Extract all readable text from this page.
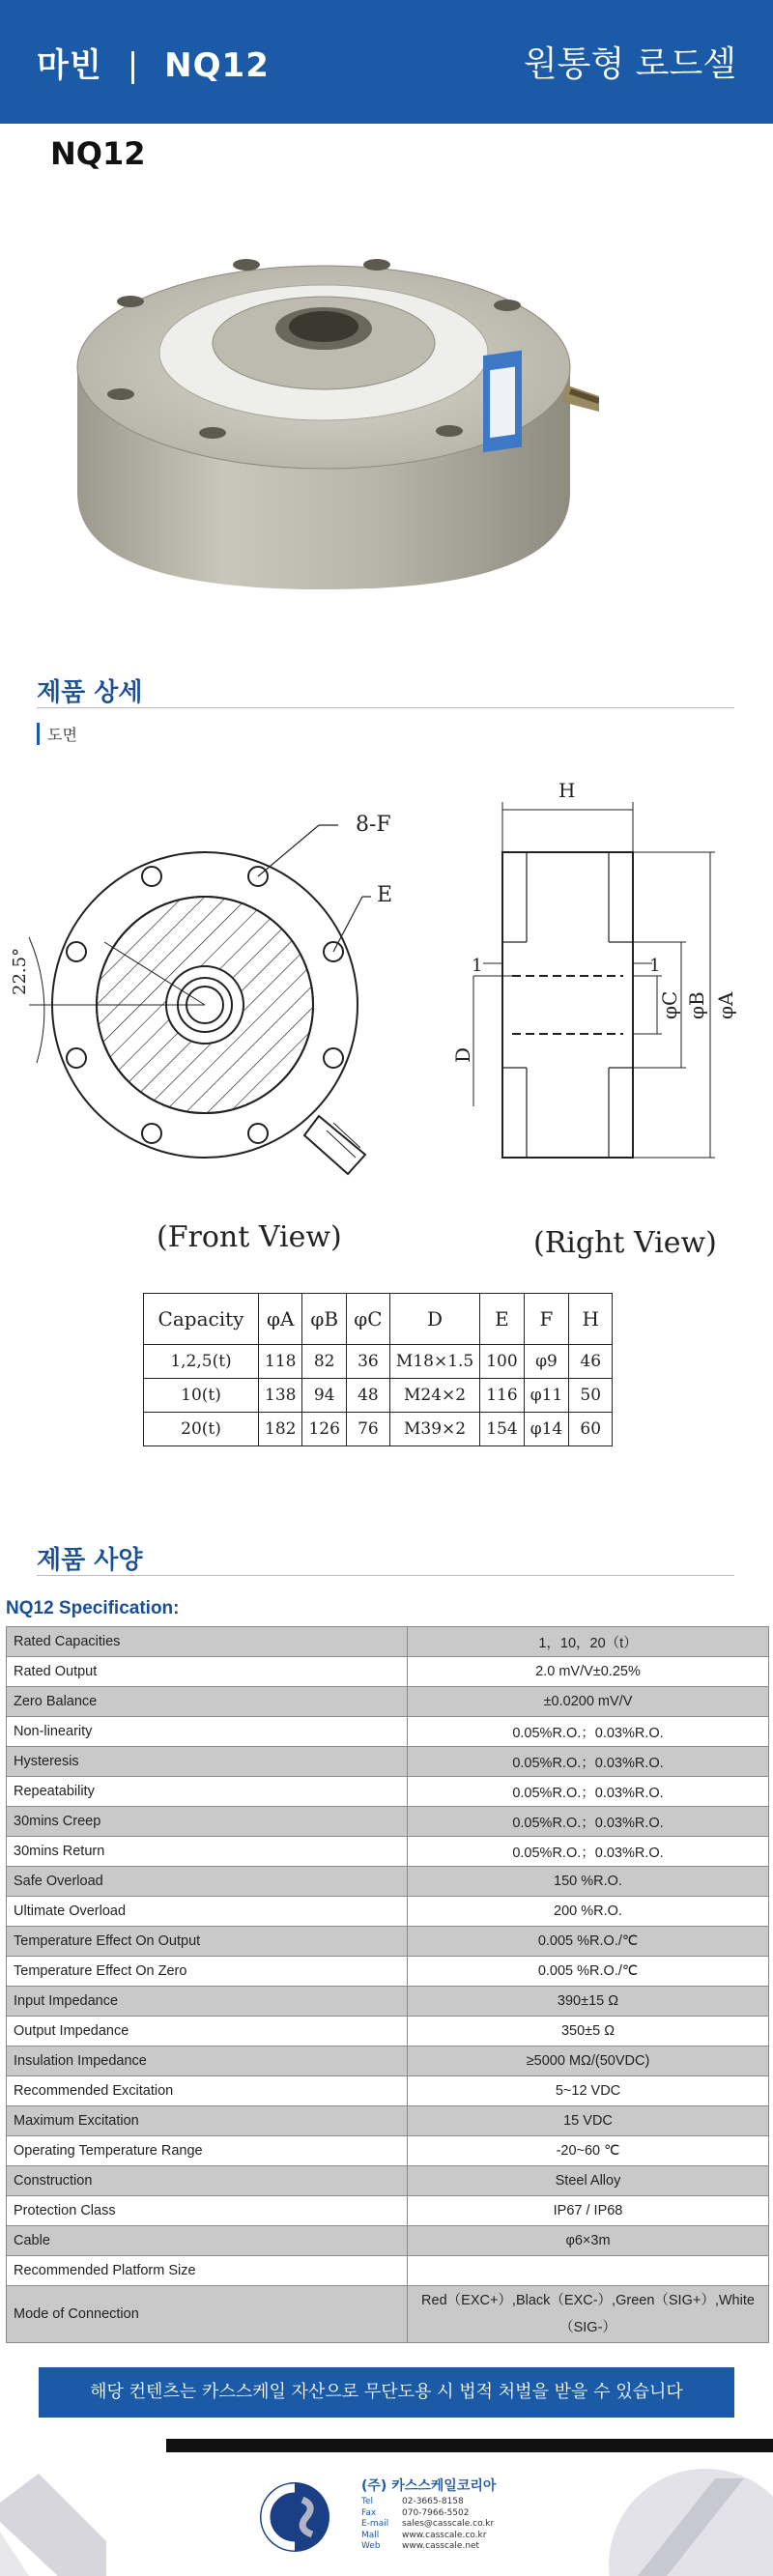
마빈 | NQ12	원통형 로드셀
NQ12
제품 상세
도면
8-F
E
22.5°
(Front View)
H
D
φC φB φA
1	1
(Right View)
Capacity	φA	φB	φC	D	E	F	H
1,2,5(t)	118	82	36	M18×1.5	100	φ9	46
10(t)	138	94	48	M24×2	116	φ11	50
20(t)	182	126	76	M39×2	154	φ14	60
제품 사양
NQ12 Specification:
Rated Capacities	1，10，20（t）
Rated Output	2.0 mV/V±0.25%
Zero Balance	±0.0200 mV/V
Non-linearity	0.05%R.O.；0.03%R.O.
Hysteresis	0.05%R.O.；0.03%R.O.
Repeatability	0.05%R.O.；0.03%R.O.
30mins Creep	0.05%R.O.；0.03%R.O.
30mins Return	0.05%R.O.；0.03%R.O.
Safe Overload	150 %R.O.
Ultimate Overload	200 %R.O.
Temperature Effect On Output	0.005 %R.O./℃
Temperature Effect On Zero	0.005 %R.O./℃
Input Impedance	390±15 Ω
Output Impedance	350±5 Ω
Insulation Impedance	≥5000 MΩ/(50VDC)
Recommended Excitation	5~12 VDC
Maximum Excitation	15 VDC
Operating Temperature Range	-20~60 ℃
Construction	Steel Alloy
Protection Class	IP67 / IP68
Cable	φ6×3m
Recommended Platform Size	
Mode of Connection	Red（EXC+）,Black（EXC-）,Green（SIG+）,White（SIG-）
해당 컨텐츠는 카스스케일 자산으로 무단도용 시 법적 처벌을 받을 수 있습니다
(주) 카스스케일코리아
Tel	02-3665-8158
Fax	070-7966-5502
E-mail sales@casscale.co.kr
Mall	www.casscale.co.kr
Web www.casscale.net
